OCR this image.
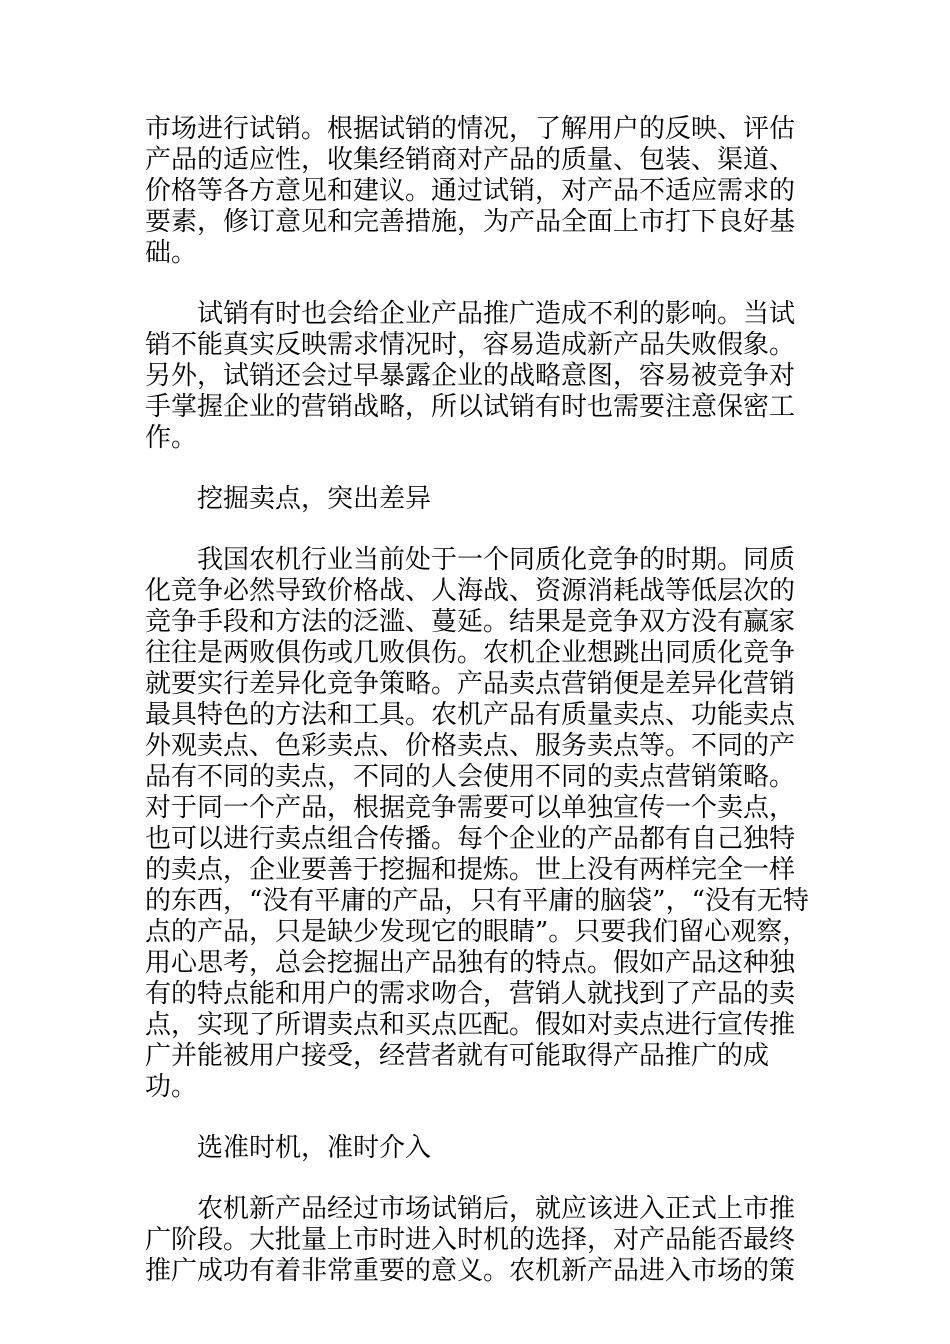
市场进行试销。根据试销的情况，了解用户的反映、评估产品的适应性，收集经销商对产品的质量、包装、渠道、价格等各方意见和建议。通过试销，对产品不适应需求的要素，修订意见和完善措施，为产品全面上市打下良好基础。

试销有时也会给企业产品推广造成不利的影响。当试销不能真实反映需求情况时，容易造成新产品失败假象。另外，试销还会过早暴露企业的战略意图，容易被竞争对手掌握企业的营销战略，所以试销有时也需要注意保密工作。

挖掘卖点，突出差异

我国农机行业当前处于一个同质化竞争的时期。同质化竞争必然导致价格战、人海战、资源消耗战等低层次的竞争手段和方法的泛滥、蔓延。结果是竞争双方没有赢家往往是两败俱伤或几败俱伤。农机企业想跳出同质化竞争就要实行差异化竞争策略。产品卖点营销便是差异化营销最具特色的方法和工具。农机产品有质量卖点、功能卖点外观卖点、色彩卖点、价格卖点、服务卖点等。不同的产品有不同的卖点，不同的人会使用不同的卖点营销策略。对于同一个产品，根据竞争需要可以单独宣传一个卖点，也可以进行卖点组合传播。每个企业的产品都有自己独特的卖点，企业要善于挖掘和提炼。世上没有两样完全一样的东西，“没有平庸的产品，只有平庸的脑袋”，“没有无特点的产品，只是缺少发现它的眼睛”。只要我们留心观察，用心思考，总会挖掘出产品独有的特点。假如产品这种独有的特点能和用户的需求吻合，营销人就找到了产品的卖点，实现了所谓卖点和买点匹配。假如对卖点进行宣传推广并能被用户接受，经营者就有可能取得产品推广的成功。

选准时机，准时介入

农机新产品经过市场试销后，就应该进入正式上市推广阶段。大批量上市时进入时机的选择，对产品能否最终推广成功有着非常重要的意义。农机新产品进入市场的策
